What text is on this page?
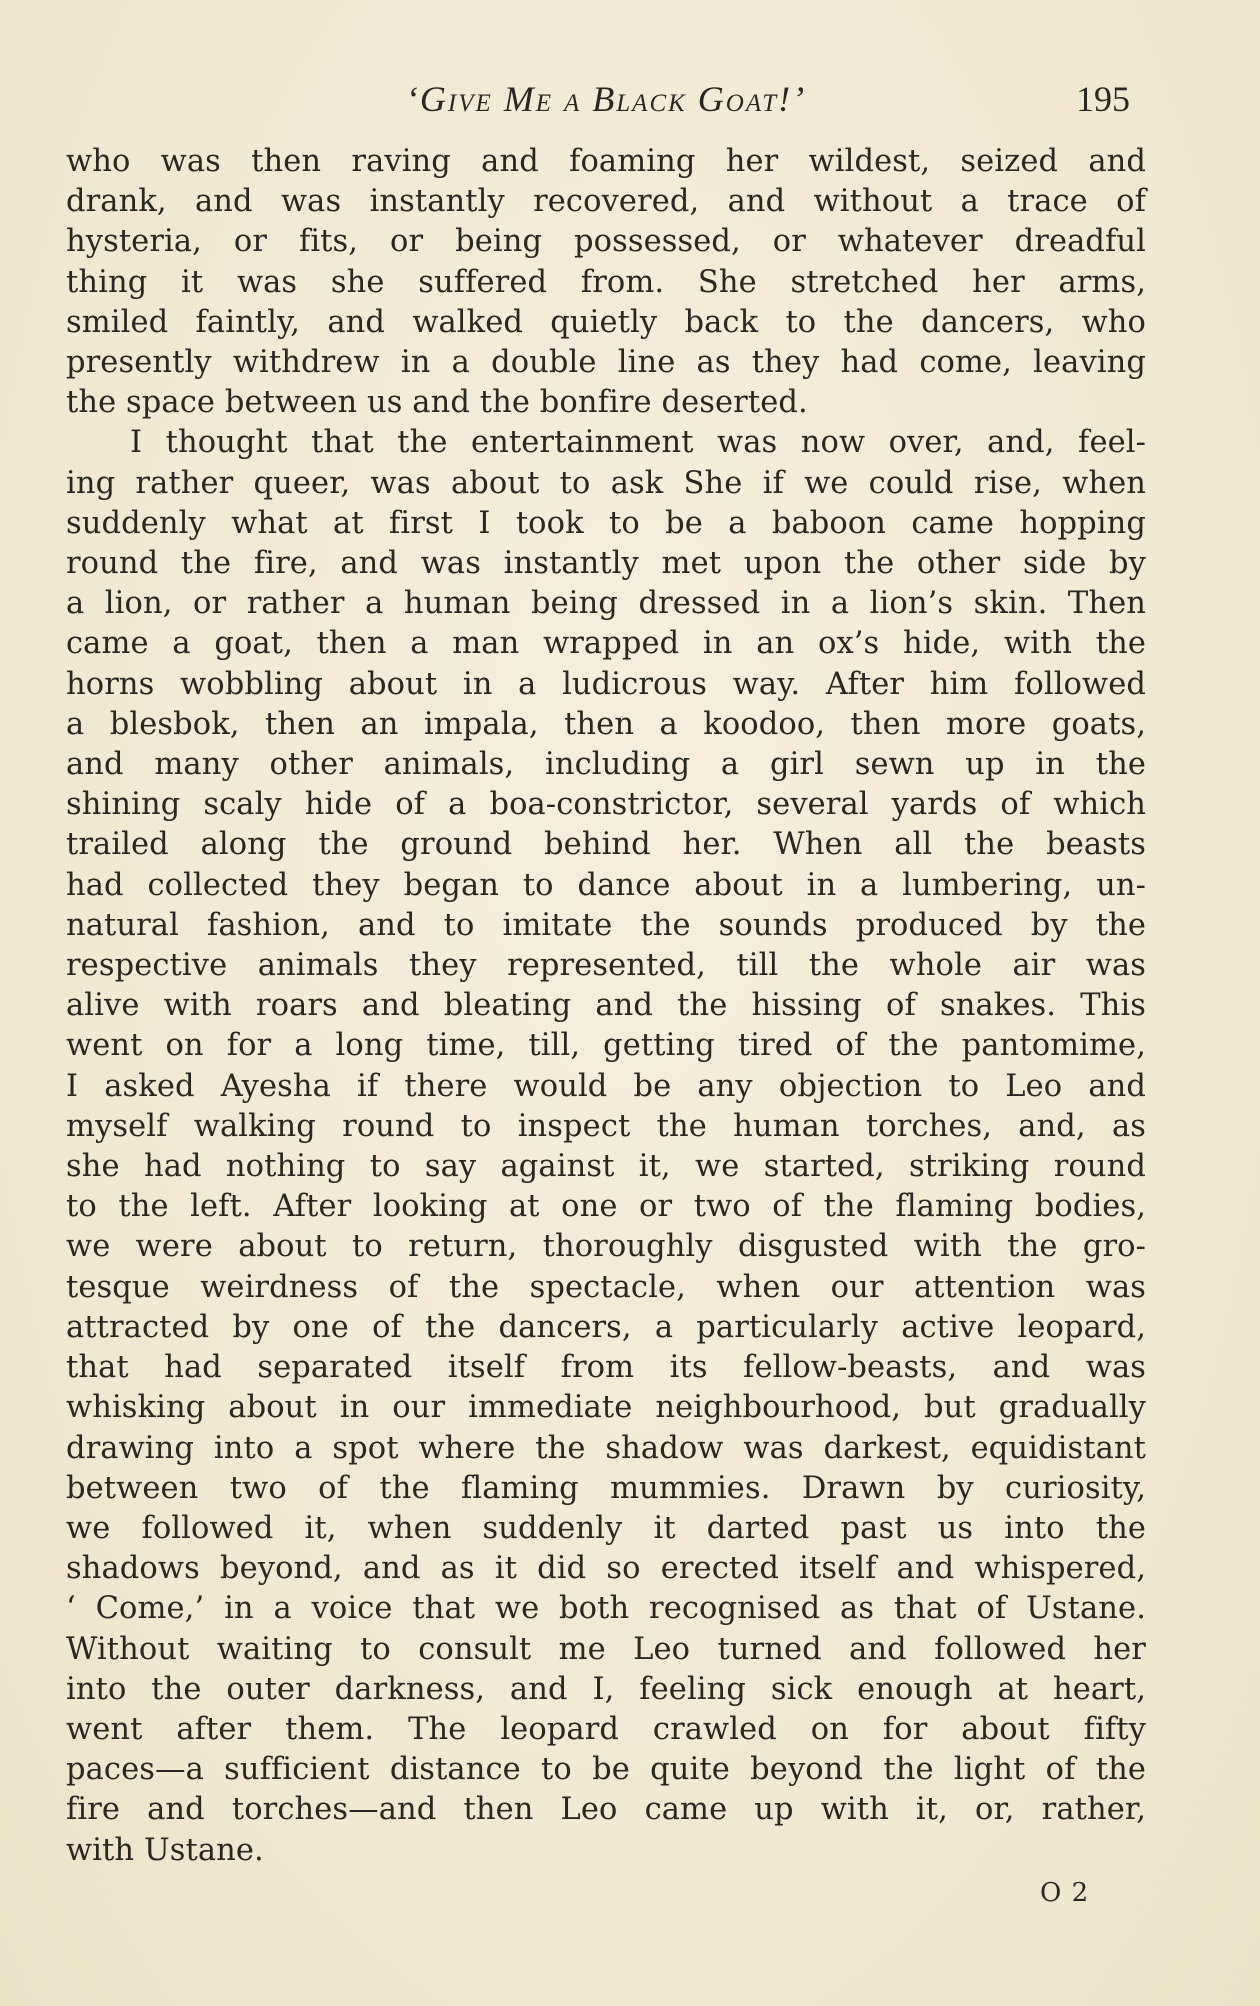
‘Give Me a Black Goat!’	195

who was then raving and foaming her wildest, seized and
drank, and was instantly recovered, and without a trace of
hysteria, or fits, or being possessed, or whatever dreadful
thing it was she suffered from. She stretched her arms,
smiled faintly, and walked quietly back to the dancers, who
presently withdrew in a double line as they had come, leaving
the space between us and the bonfire deserted.

I thought that the entertainment was now over, and, feel-
ing rather queer, was about to ask She if we could rise, when
suddenly what at first I took to be a baboon came hopping
round the fire, and was instantly met upon the other side by
a lion, or rather a human being dressed in a lion’s skin. Then
came a goat, then a man wrapped in an ox’s hide, with the
horns wobbling about in a ludicrous way. After him followed
a blesbok, then an impala, then a koodoo, then more goats,
and many other animals, including a girl sewn up in the
shining scaly hide of a boa-constrictor, several yards of which
trailed along the ground behind her. When all the beasts
had collected they began to dance about in a lumbering, un-
natural fashion, and to imitate the sounds produced by the
respective animals they represented, till the whole air was
alive with roars and bleating and the hissing of snakes. This
went on for a long time, till, getting tired of the pantomime,
I asked Ayesha if there would be any objection to Leo and
myself walking round to inspect the human torches, and, as
she had nothing to say against it, we started, striking round
to the left. After looking at one or two of the flaming bodies,
we were about to return, thoroughly disgusted with the gro-
tesque weirdness of the spectacle, when our attention was
attracted by one of the dancers, a particularly active leopard,
that had separated itself from its fellow-beasts, and was
whisking about in our immediate neighbourhood, but gradually
drawing into a spot where the shadow was darkest, equidistant
between two of the flaming mummies. Drawn by curiosity,
we followed it, when suddenly it darted past us into the
shadows beyond, and as it did so erected itself and whispered,
‘ Come,’ in a voice that we both recognised as that of Ustane.
Without waiting to consult me Leo turned and followed her
into the outer darkness, and I, feeling sick enough at heart,
went after them. The leopard crawled on for about fifty
paces—a sufficient distance to be quite beyond the light of the
fire and torches—and then Leo came up with it, or, rather,
with Ustane.

O 2
